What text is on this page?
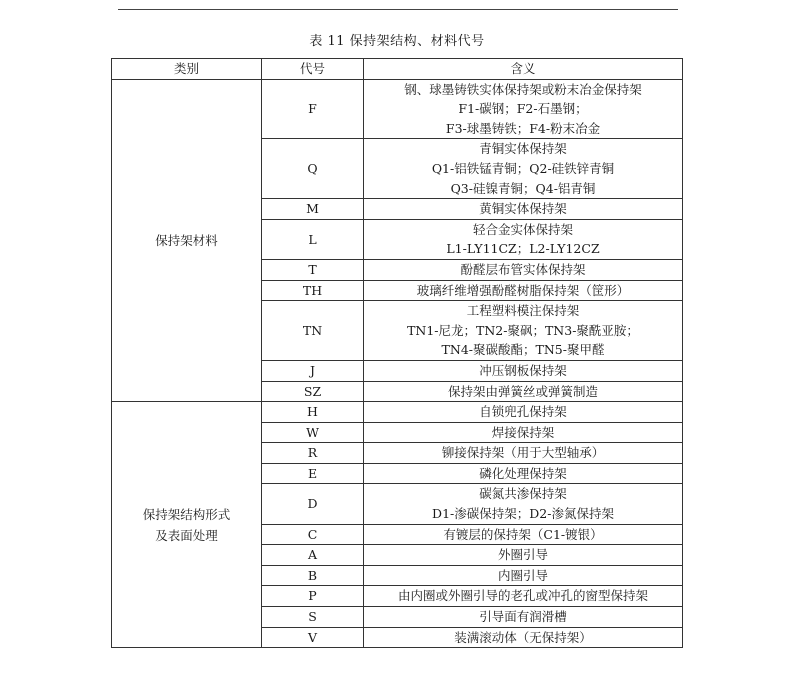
表 11 保持架结构、材料代号
类别	代号	含义

保持架材料	F	钢、球墨铸铁实体保持架或粉末冶金保持架
F1-碳钢；F2-石墨钢；
F3-球墨铸铁；F4-粉末冶金

	Q	青铜实体保持架
Q1-铝铁锰青铜；Q2-硅铁锌青铜
Q3-硅镍青铜；Q4-铝青铜

	M	黄铜实体保持架

	L	轻合金实体保持架
L1-LY11CZ；L2-LY12CZ

	T	酚醛层布管实体保持架

	TH	玻璃纤维增强酚醛树脂保持架（筐形）

	TN	工程塑料模注保持架
TN1-尼龙；TN2-聚砜；TN3-聚酰亚胺；
TN4-聚碳酸酯；TN5-聚甲醛

	J	冲压钢板保持架

	SZ	保持架由弹簧丝或弹簧制造

保持架结构形式
及表面处理	H	自锁兜孔保持架

	W	焊接保持架

	R	铆接保持架（用于大型轴承）

	E	磷化处理保持架

	D	碳氮共渗保持架
D1-渗碳保持架；D2-渗氮保持架

	C	有镀层的保持架（C1-镀银）

	A	外圈引导

	B	内圈引导

	P	由内圈或外圈引导的老孔或冲孔的窗型保持架

	S	引导面有润滑槽

	V	装满滚动体（无保持架）
